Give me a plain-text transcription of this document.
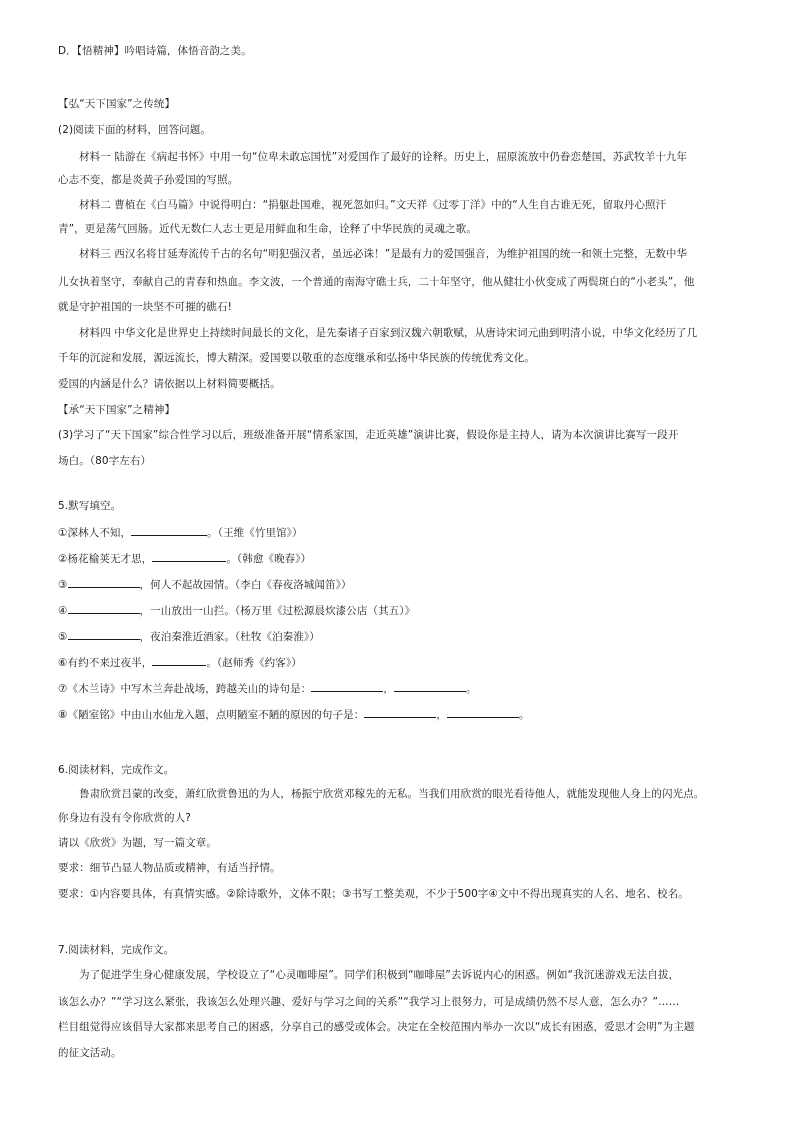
D．【悟精神】吟唱诗篇，体悟音韵之美。
【弘“天下国家”之传统】
(2)阅读下面的材料，回答问题。
材料一 陆游在《病起书怀》中用一句“位卑未敢忘国忧”对爱国作了最好的诠释。历史上，屈原流放中仍眷恋楚国，苏武牧羊十九年
心志不变，都是炎黄子孙爱国的写照。
材料二 曹植在《白马篇》中说得明白：“捐躯赴国难，视死忽如归。”文天祥《过零丁洋》中的“人生自古谁无死，留取丹心照汗
青”，更是荡气回肠。近代无数仁人志士更是用鲜血和生命，诠释了中华民族的灵魂之歌。
材料三 西汉名将甘延寿流传千古的名句“明犯强汉者，虽远必诛！”是最有力的爱国强音，为维护祖国的统一和领土完整，无数中华
儿女执着坚守，奉献自己的青春和热血。李文波，一个普通的南海守礁士兵，二十年坚守，他从健壮小伙变成了两鬓斑白的“小老头”，他
就是守护祖国的一块坚不可摧的礁石!
材料四 中华文化是世界史上持续时间最长的文化，是先秦诸子百家到汉魏六朝歌赋，从唐诗宋词元曲到明清小说，中华文化经历了几
千年的沉淀和发展，源远流长，博大精深。爱国要以敬重的态度继承和弘扬中华民族的传统优秀文化。
爱国的内涵是什么？请依据以上材料简要概括。
【承“天下国家”之精神】
(3)学习了“天下国家”综合性学习以后，班级准备开展“情系家国，走近英雄”演讲比赛，假设你是主持人，请为本次演讲比赛写一段开
场白。（80字左右）
5.默写填空。
①深林人不知，	。（王维《竹里馆》）
②杨花榆荚无才思，	。（韩愈《晚春》）
③	，何人不起故园情。（李白《春夜洛城闻笛》）
④	，一山放出一山拦。（杨万里《过松源晨炊漆公店（其五）》
⑤	，夜泊秦淮近酒家。（杜牧《泊秦淮》）
⑥有约不来过夜半，	。（赵师秀《约客》）
⑦《木兰诗》中写木兰奔赴战场，跨越关山的诗句是：	，	。
⑧《陋室铭》中由山水仙龙入题，点明陋室不陋的原因的句子是：	，	。
6.阅读材料，完成作文。
鲁肃欣赏吕蒙的改变，萧红欣赏鲁迅的为人，杨振宁欣赏邓稼先的无私。当我们用欣赏的眼光看待他人，就能发现他人身上的闪光点。
你身边有没有令你欣赏的人?
请以《欣赏》为题，写一篇文章。
要求：细节凸显人物品质或精神，有适当抒情。
要求：①内容要具体，有真情实感。②除诗歌外，文体不限；③书写工整美观，不少于500字④文中不得出现真实的人名、地名、校名。
7.阅读材料，完成作文。
为了促进学生身心健康发展，学校设立了“心灵咖啡屋”。同学们积极到“咖啡屋”去诉说内心的困惑。例如“我沉迷游戏无法自拔，
该怎么办？”“学习这么紧张，我该怎么处理兴趣、爱好与学习之间的关系”“我学习上很努力，可是成绩仍然不尽人意，怎么办？”……
栏目组觉得应该倡导大家都来思考自己的困惑，分享自己的感受或体会。决定在全校范围内举办一次以“成长有困惑，爱思才会明”为主题
的征文活动。
